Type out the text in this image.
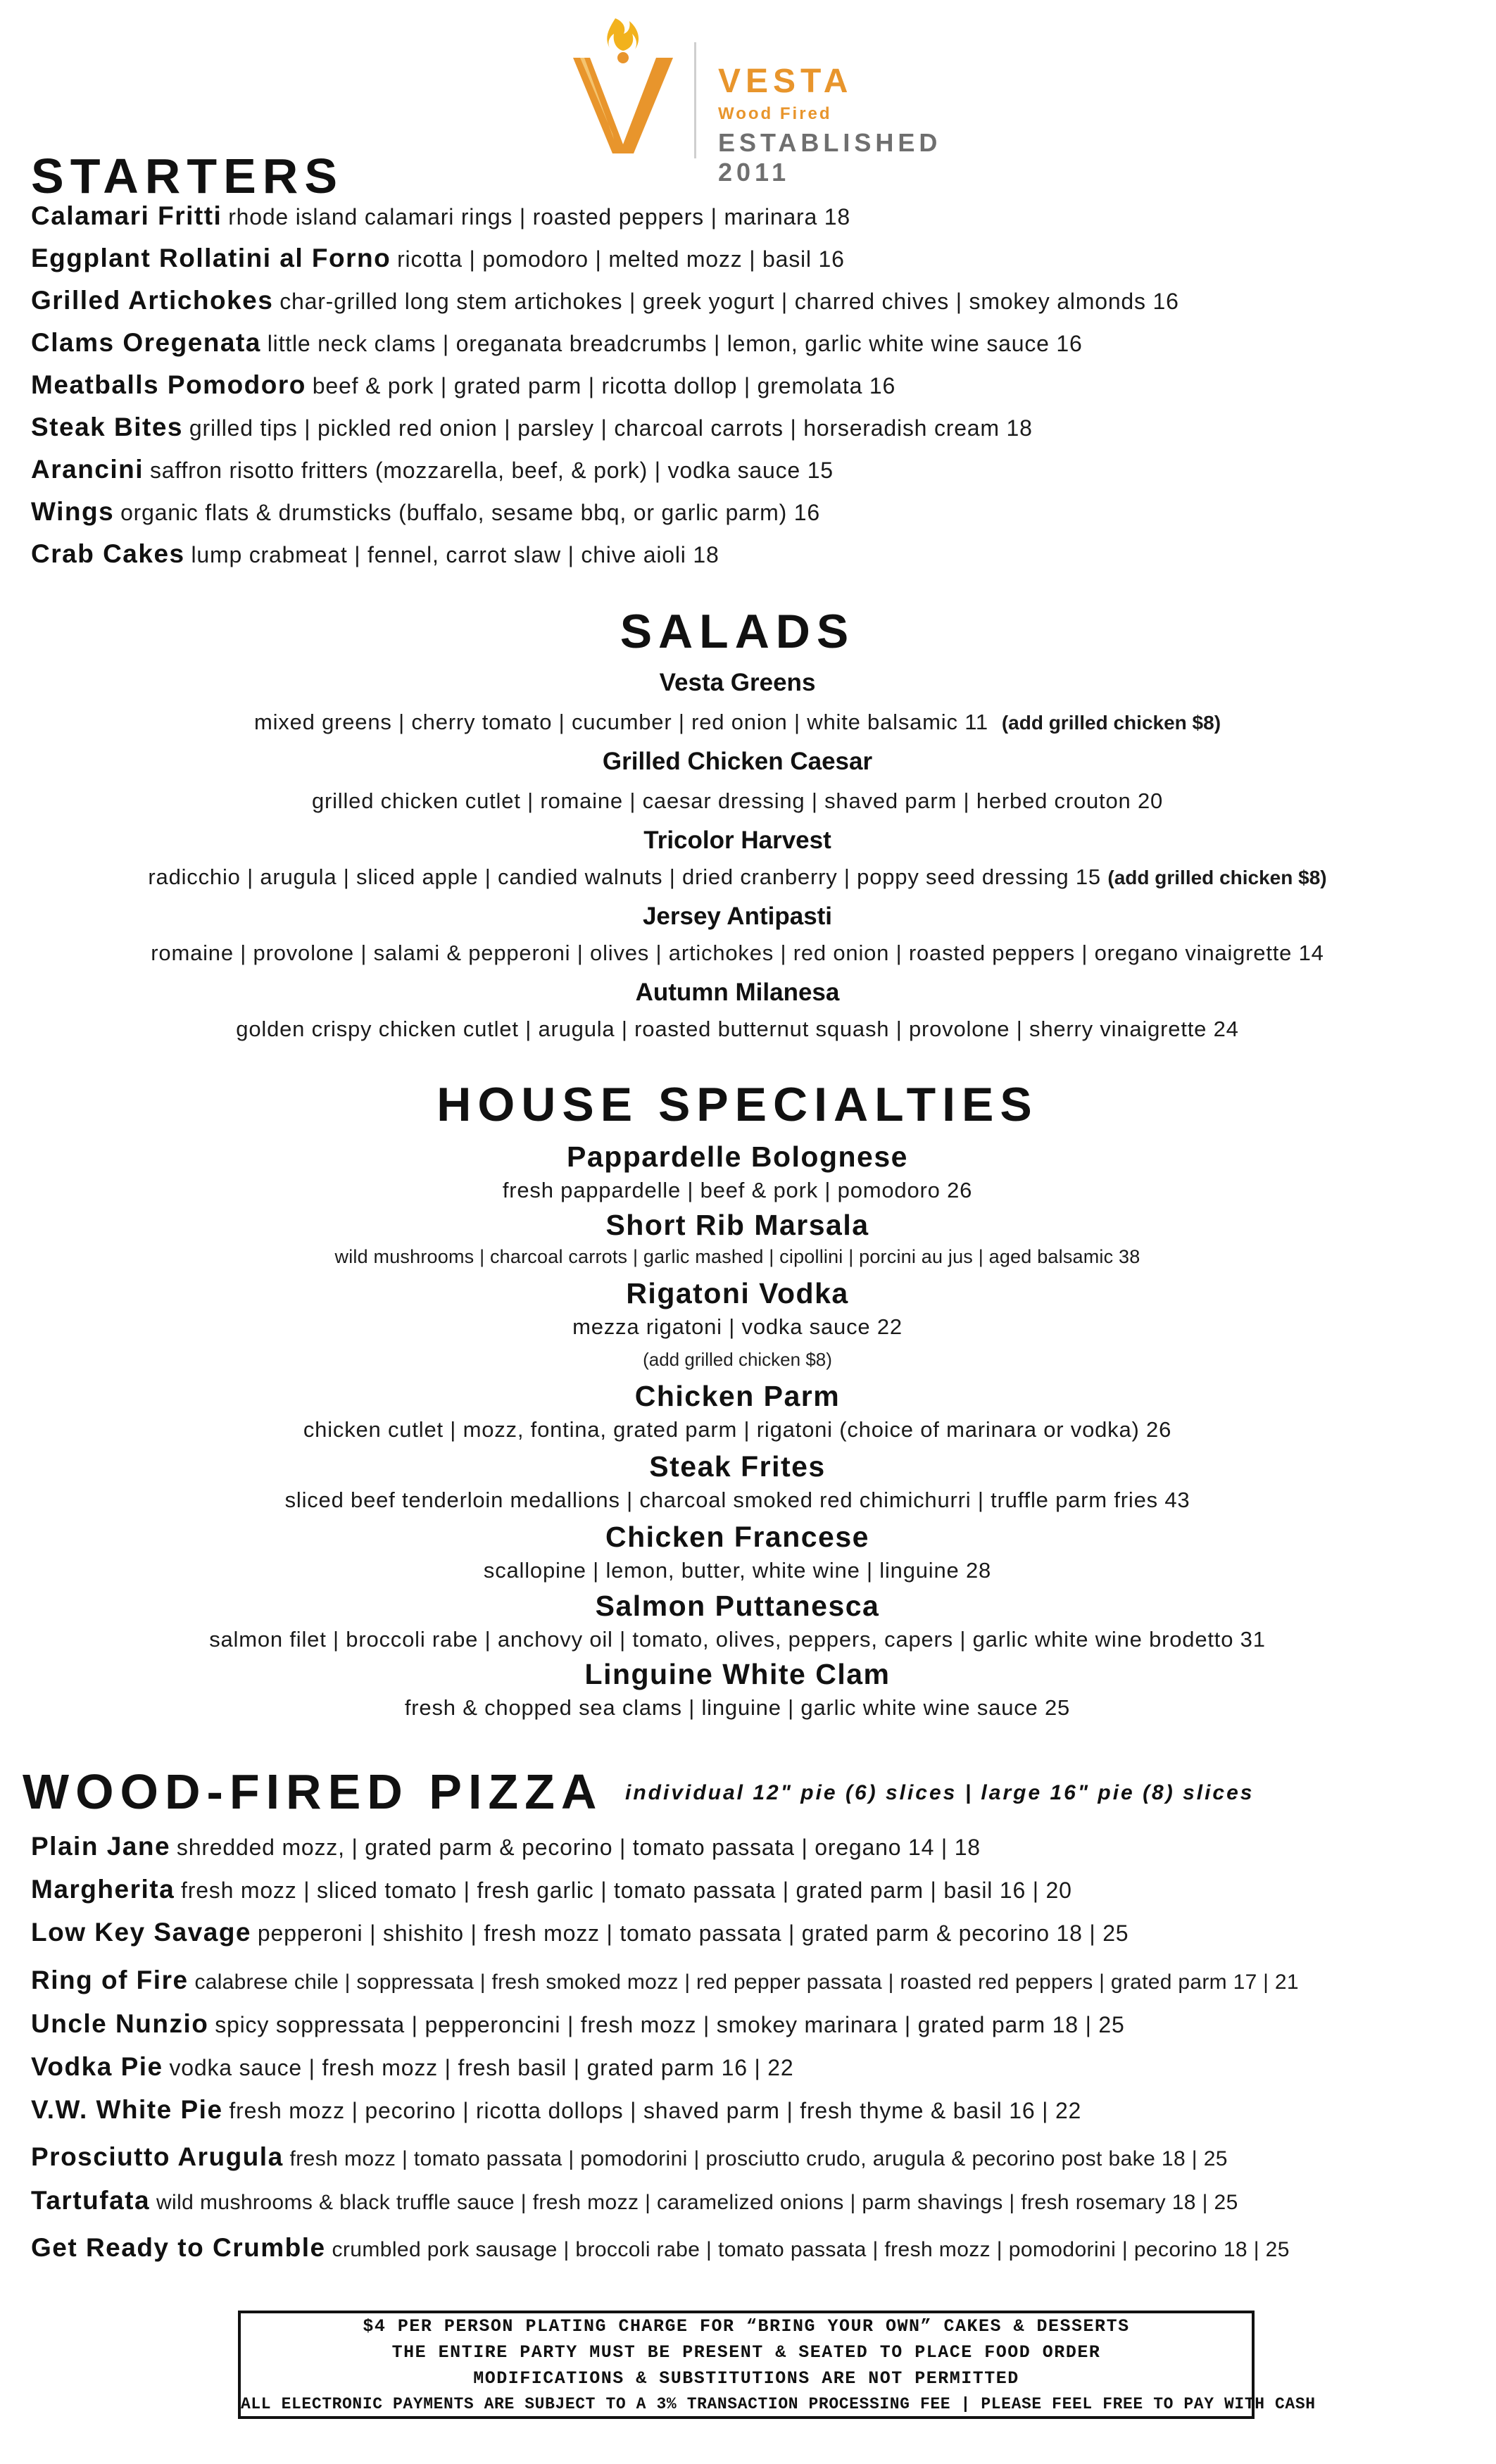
VESTA
Wood Fired
ESTABLISHED 2011
STARTERS
Calamari Fritti rhode island calamari rings | roasted peppers | marinara 18
Eggplant Rollatini al Forno ricotta | pomodoro | melted mozz | basil 16
Grilled Artichokes char-grilled long stem artichokes | greek yogurt | charred chives | smokey almonds 16
Clams Oregenata little neck clams | oreganata breadcrumbs | lemon, garlic white wine sauce 16
Meatballs Pomodoro beef & pork | grated parm | ricotta dollop | gremolata 16
Steak Bites grilled tips | pickled red onion | parsley | charcoal carrots | horseradish cream 18
Arancini saffron risotto fritters (mozzarella, beef, & pork) | vodka sauce 15
Wings organic flats & drumsticks (buffalo, sesame bbq, or garlic parm) 16
Crab Cakes lump crabmeat | fennel, carrot slaw | chive aioli 18
SALADS
Vesta Greens
mixed greens | cherry tomato | cucumber | red onion | white balsamic 11 (add grilled chicken $8)
Grilled Chicken Caesar
grilled chicken cutlet | romaine | caesar dressing | shaved parm | herbed crouton 20
Tricolor Harvest
radicchio | arugula | sliced apple | candied walnuts | dried cranberry | poppy seed dressing 15 (add grilled chicken $8)
Jersey Antipasti
romaine | provolone | salami & pepperoni | olives | artichokes | red onion | roasted peppers | oregano vinaigrette 14
Autumn Milanesa
golden crispy chicken cutlet | arugula | roasted butternut squash | provolone | sherry vinaigrette 24
HOUSE SPECIALTIES
Pappardelle Bolognese
fresh pappardelle | beef & pork | pomodoro 26
Short Rib Marsala
wild mushrooms | charcoal carrots | garlic mashed | cipollini | porcini au jus | aged balsamic 38
Rigatoni Vodka
mezza rigatoni | vodka sauce 22
(add grilled chicken $8)
Chicken Parm
chicken cutlet | mozz, fontina, grated parm | rigatoni (choice of marinara or vodka) 26
Steak Frites
sliced beef tenderloin medallions | charcoal smoked red chimichurri | truffle parm fries 43
Chicken Francese
scallopine | lemon, butter, white wine | linguine 28
Salmon Puttanesca
salmon filet | broccoli rabe | anchovy oil | tomato, olives, peppers, capers | garlic white wine brodetto 31
Linguine White Clam
fresh & chopped sea clams | linguine | garlic white wine sauce 25
WOOD-FIRED PIZZA individual 12" pie (6) slices | large 16" pie (8) slices
Plain Jane shredded mozz, | grated parm & pecorino | tomato passata | oregano 14 | 18
Margherita fresh mozz | sliced tomato | fresh garlic | tomato passata | grated parm | basil 16 | 20
Low Key Savage pepperoni | shishito | fresh mozz | tomato passata | grated parm & pecorino 18 | 25
Ring of Fire calabrese chile | soppressata | fresh smoked mozz | red pepper passata | roasted red peppers | grated parm 17 | 21
Uncle Nunzio spicy soppressata | pepperoncini | fresh mozz | smokey marinara | grated parm 18 | 25
Vodka Pie vodka sauce | fresh mozz | fresh basil | grated parm 16 | 22
V.W. White Pie fresh mozz | pecorino | ricotta dollops | shaved parm | fresh thyme & basil 16 | 22
Prosciutto Arugula fresh mozz | tomato passata | pomodorini | prosciutto crudo, arugula & pecorino post bake 18 | 25
Tartufata wild mushrooms & black truffle sauce | fresh mozz | caramelized onions | parm shavings | fresh rosemary 18 | 25
Get Ready to Crumble crumbled pork sausage | broccoli rabe | tomato passata | fresh mozz | pomodorini | pecorino 18 | 25
$4 PER PERSON PLATING CHARGE FOR “BRING YOUR OWN” CAKES & DESSERTS
THE ENTIRE PARTY MUST BE PRESENT & SEATED TO PLACE FOOD ORDER
MODIFICATIONS & SUBSTITUTIONS ARE NOT PERMITTED
ALL ELECTRONIC PAYMENTS ARE SUBJECT TO A 3% TRANSACTION PROCESSING FEE | PLEASE FEEL FREE TO PAY WITH CASH
